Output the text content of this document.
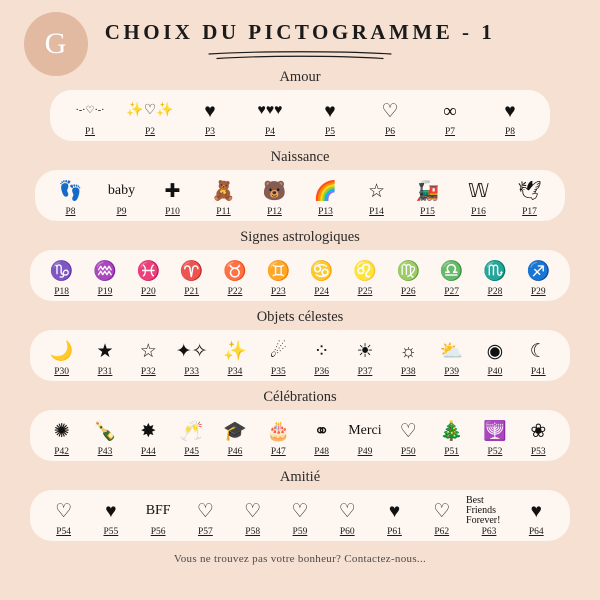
G	CHOIX DU PICTOGRAMME - 1
Amour
·-·♡·-·
P1
✨♡✨
P2
♥
P3
♥♥♥
P4
♥
P5
♡
P6
∞
P7
♥
P8
Naissance
👣
P8
baby
P9
✚
P10
🧸
P11
🐻
P12
🌈
P13
☆
P14
🚂
P15
𝕎
P16
🕊
P17
Signes astrologiques
♑
P18
♒
P19
♓
P20
♈
P21
♉
P22
♊
P23
♋
P24
♌
P25
♍
P26
♎
P27
♏
P28
♐
P29
Objets célestes
🌙
P30
★
P31
☆
P32
✦✧
P33
✨
P34
☄
P35
⁘
P36
☀
P37
☼
P38
⛅
P39
◉
P40
☾
P41
Célébrations
✺
P42
🍾
P43
✸
P44
🥂
P45
🎓
P46
🎂
P47
⚭
P48
Merci
P49
♡
P50
🎄
P51
🕎
P52
❀
P53
Amitié
♡
P54
♥
P55
BFF
P56
♡
P57
♡
P58
♡
P59
♡
P60
♥
P61
♡
P62
Best Friends Forever!
P63
♥
P64
Vous ne trouvez pas votre bonheur? Contactez-nous...
